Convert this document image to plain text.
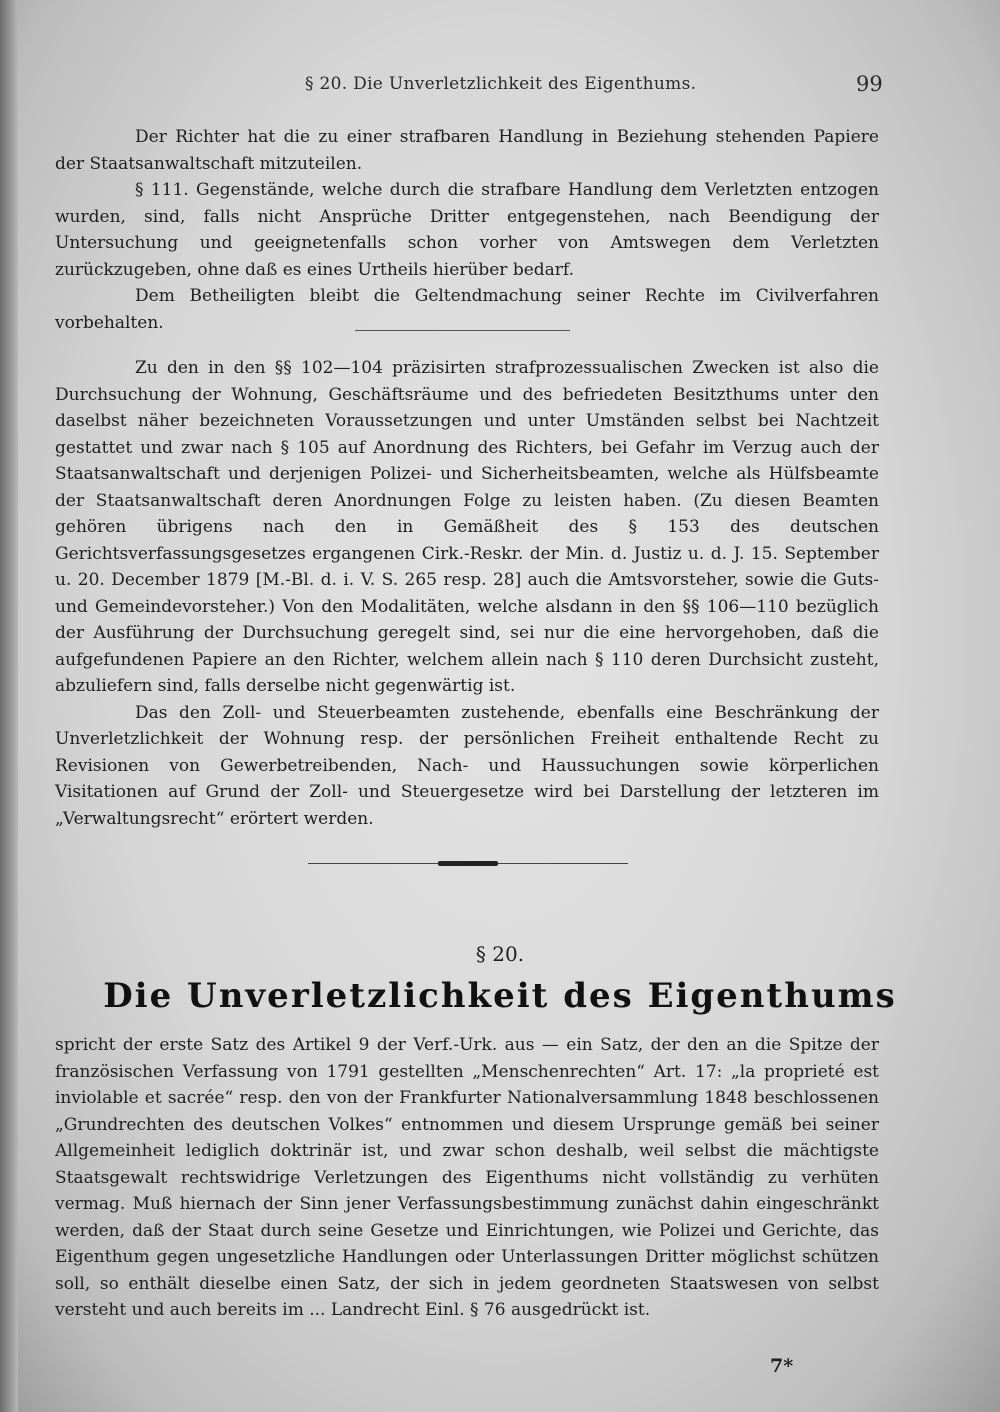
§ 20. Die Unverletzlichkeit des Eigenthums.	99

Der Richter hat die zu einer strafbaren Handlung in Beziehung stehenden Papiere der Staatsanwaltschaft mitzuteilen.

§ 111. Gegenstände, welche durch die strafbare Handlung dem Verletzten entzogen wurden, sind, falls nicht Ansprüche Dritter entgegenstehen, nach Beendigung der Untersuchung und geeignetenfalls schon vorher von Amtswegen dem Verletzten zurückzugeben, ohne daß es eines Urtheils hierüber bedarf.

Dem Betheiligten bleibt die Geltendmachung seiner Rechte im Civilverfahren vorbehalten.

Zu den in den §§ 102—104 präzisirten strafprozessualischen Zwecken ist also die Durchsuchung der Wohnung, Geschäftsräume und des befriedeten Besitzthums unter den daselbst näher bezeichneten Voraussetzungen und unter Umständen selbst bei Nachtzeit gestattet und zwar nach § 105 auf Anordnung des Richters, bei Gefahr im Verzug auch der Staatsanwaltschaft und derjenigen Polizei- und Sicherheitsbeamten, welche als Hülfsbeamte der Staatsanwaltschaft deren Anordnungen Folge zu leisten haben. (Zu diesen Beamten gehören übrigens nach den in Gemäßheit des § 153 des deutschen Gerichtsverfassungsgesetzes ergangenen Cirk.-Reskr. der Min. d. Justiz u. d. J. 15. September u. 20. December 1879 [M.-Bl. d. i. V. S. 265 resp. 28] auch die Amtsvorsteher, sowie die Guts- und Gemeindevorsteher.) Von den Modalitäten, welche alsdann in den §§ 106—110 bezüglich der Ausführung der Durchsuchung geregelt sind, sei nur die eine hervorgehoben, daß die aufgefundenen Papiere an den Richter, welchem allein nach § 110 deren Durchsicht zusteht, abzuliefern sind, falls derselbe nicht gegenwärtig ist.

Das den Zoll- und Steuerbeamten zustehende, ebenfalls eine Beschränkung der Unverletzlichkeit der Wohnung resp. der persönlichen Freiheit enthaltende Recht zu Revisionen von Gewerbetreibenden, Nach- und Haussuchungen sowie körperlichen Visitationen auf Grund der Zoll- und Steuergesetze wird bei Darstellung der letzteren im „Verwaltungsrecht“ erörtert werden.

§ 20.
Die Unverletzlichkeit des Eigenthums

spricht der erste Satz des Artikel 9 der Verf.-Urk. aus — ein Satz, der den an die Spitze der französischen Verfassung von 1791 gestellten „Menschenrechten“ Art. 17: „la proprieté est inviolable et sacrée“ resp. den von der Frankfurter Nationalversammlung 1848 beschlossenen „Grundrechten des deutschen Volkes“ entnommen und diesem Ursprunge gemäß bei seiner Allgemeinheit lediglich doktrinär ist, und zwar schon deshalb, weil selbst die mächtigste Staatsgewalt rechtswidrige Verletzungen des Eigenthums nicht vollständig zu verhüten vermag. Muß hiernach der Sinn jener Verfassungsbestimmung zunächst dahin eingeschränkt werden, daß der Staat durch seine Gesetze und Einrichtungen, wie Polizei und Gerichte, das Eigenthum gegen ungesetzliche Handlungen oder Unterlassungen Dritter möglichst schützen soll, so enthält dieselbe einen Satz, der sich in jedem geordneten Staatswesen von selbst versteht und auch bereits im ... Landrecht Einl. § 76 ausgedrückt ist.

7*
